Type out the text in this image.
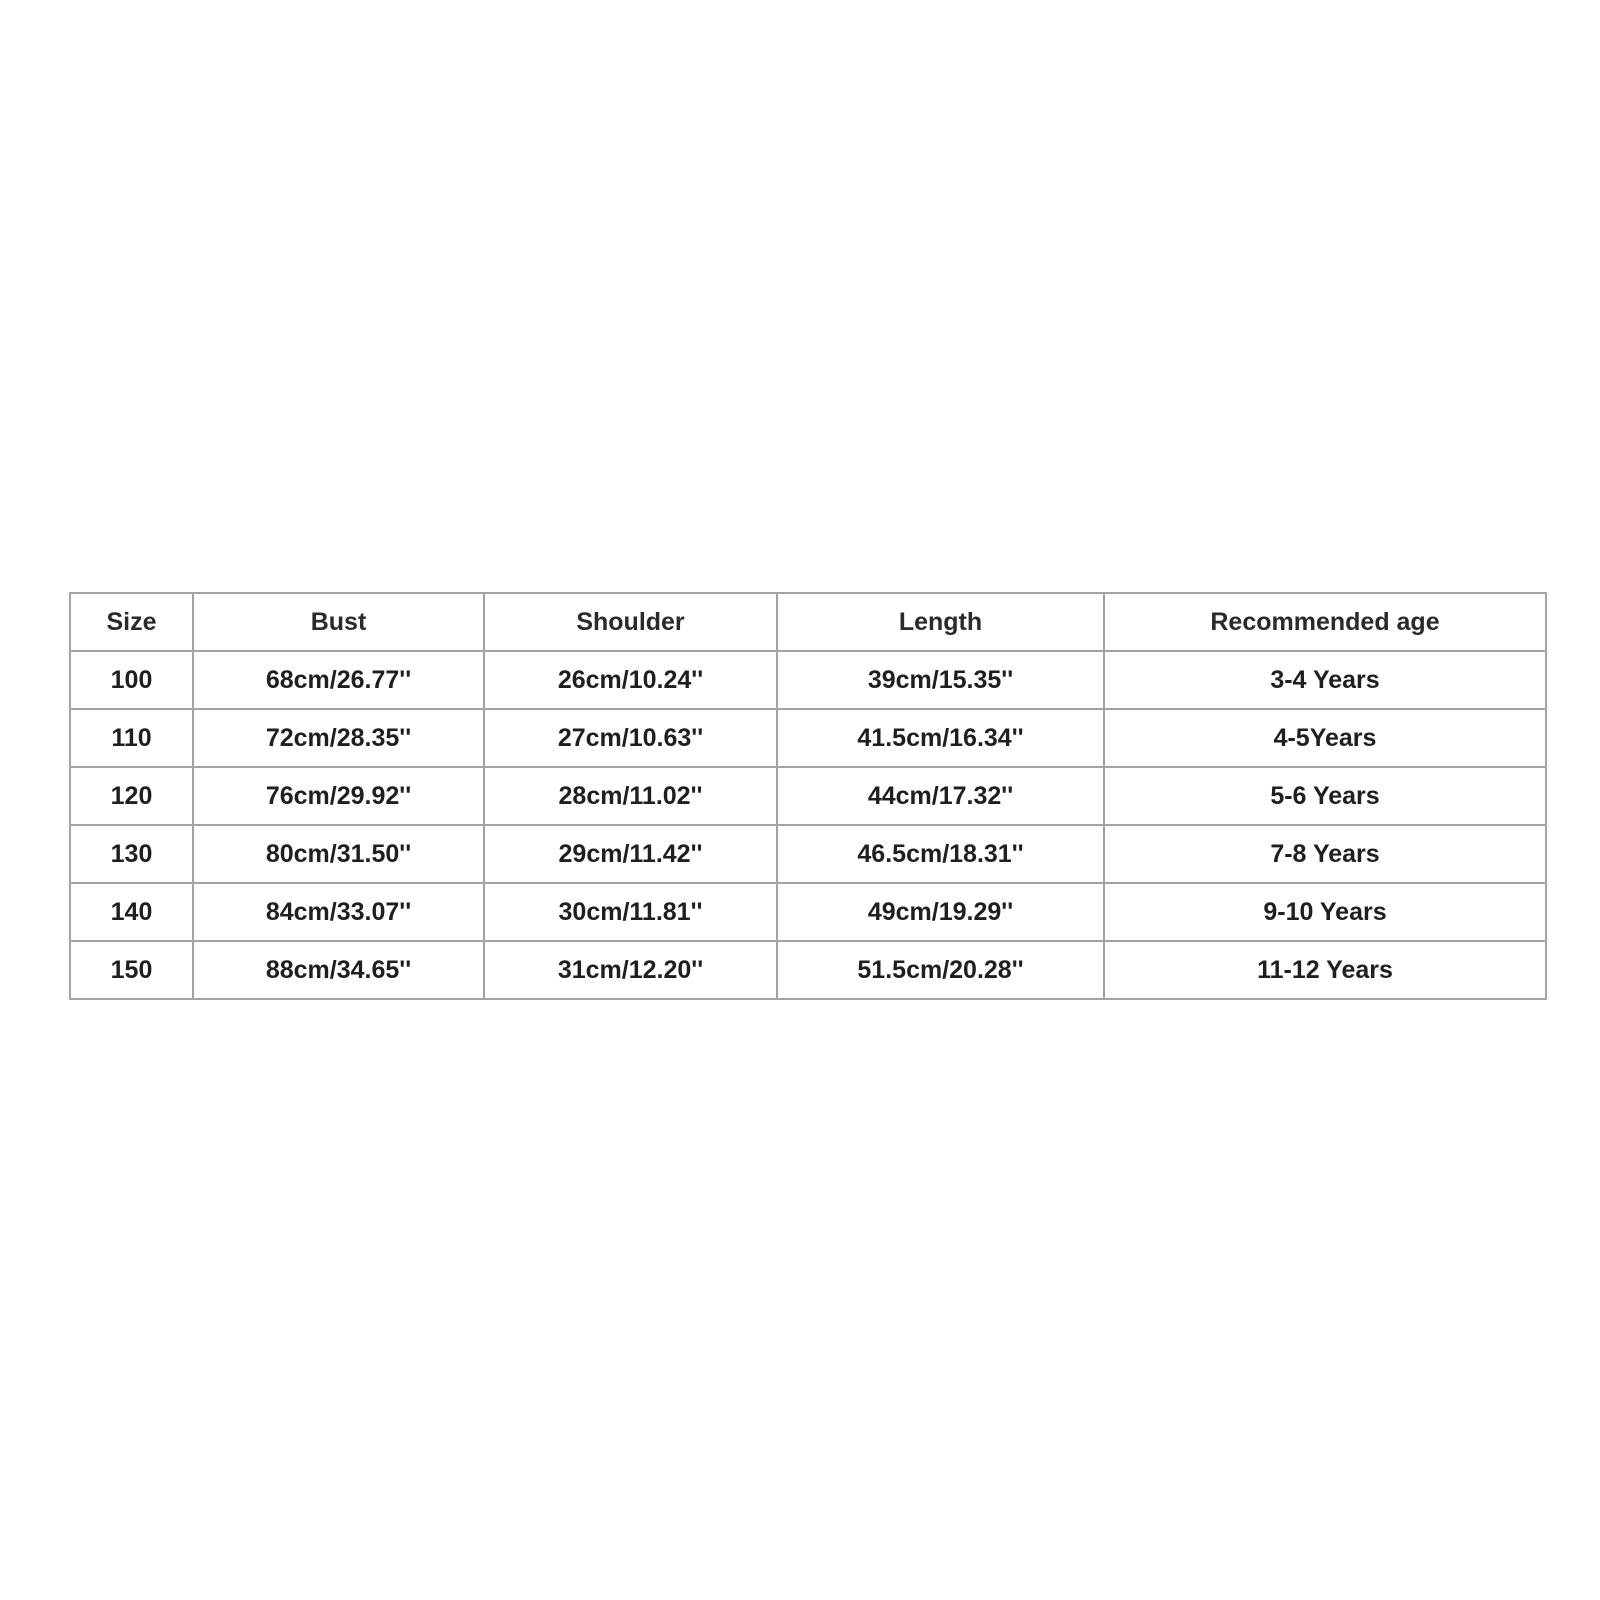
Size	Bust	Shoulder	Length	Recommended age
100	68cm/26.77''	26cm/10.24''	39cm/15.35''	3-4 Years
110	72cm/28.35''	27cm/10.63''	41.5cm/16.34''	4-5Years
120	76cm/29.92''	28cm/11.02''	44cm/17.32''	5-6 Years
130	80cm/31.50''	29cm/11.42''	46.5cm/18.31''	7-8 Years
140	84cm/33.07''	30cm/11.81''	49cm/19.29''	9-10 Years
150	88cm/34.65''	31cm/12.20''	51.5cm/20.28''	11-12 Years
